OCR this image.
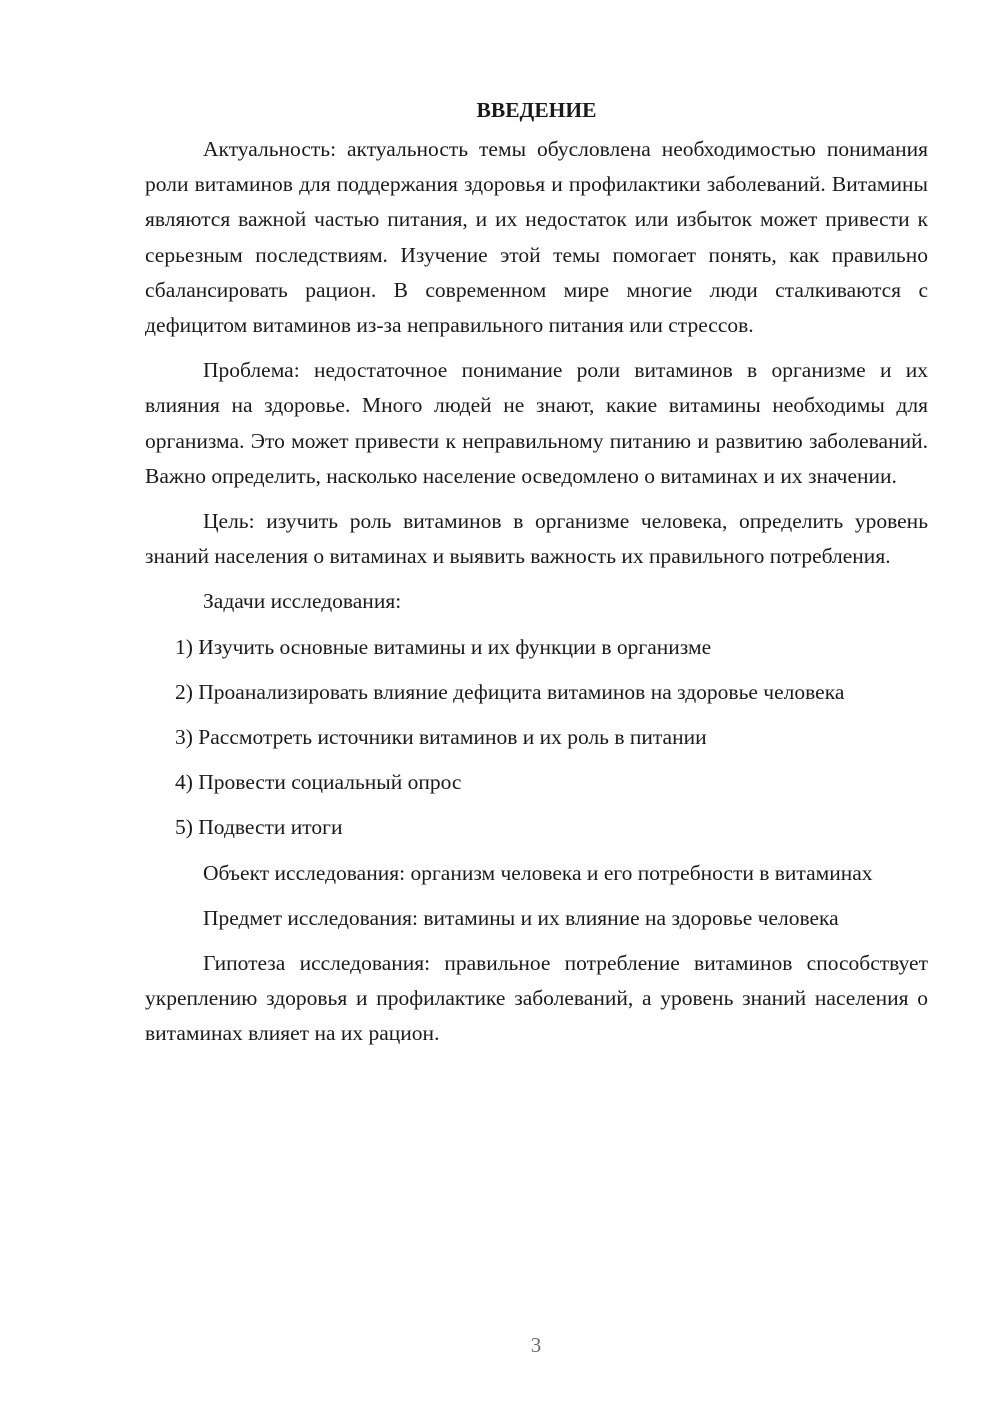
ВВЕДЕНИЕ

Актуальность: актуальность темы обусловлена необходимостью понимания роли витаминов для поддержания здоровья и профилактики заболеваний. Витамины являются важной частью питания, и их недостаток или избыток может привести к серьезным последствиям. Изучение этой темы помогает понять, как правильно сбалансировать рацион. В современном мире многие люди сталкиваются с дефицитом витаминов из-за неправильного питания или стрессов.

Проблема: недостаточное понимание роли витаминов в организме и их влияния на здоровье. Много людей не знают, какие витамины необходимы для организма. Это может привести к неправильному питанию и развитию заболеваний. Важно определить, насколько население осведомлено о витаминах и их значении.

Цель: изучить роль витаминов в организме человека, определить уровень знаний населения о витаминах и выявить важность их правильного потребления.

Задачи исследования:

1) Изучить основные витамины и их функции в организме

2) Проанализировать влияние дефицита витаминов на здоровье человека

3) Рассмотреть источники витаминов и их роль в питании

4) Провести социальный опрос

5) Подвести итоги

Объект исследования: организм человека и его потребности в витаминах

Предмет исследования: витамины и их влияние на здоровье человека

Гипотеза исследования: правильное потребление витаминов способствует укреплению здоровья и профилактике заболеваний, а уровень знаний населения о витаминах влияет на их рацион.

3
